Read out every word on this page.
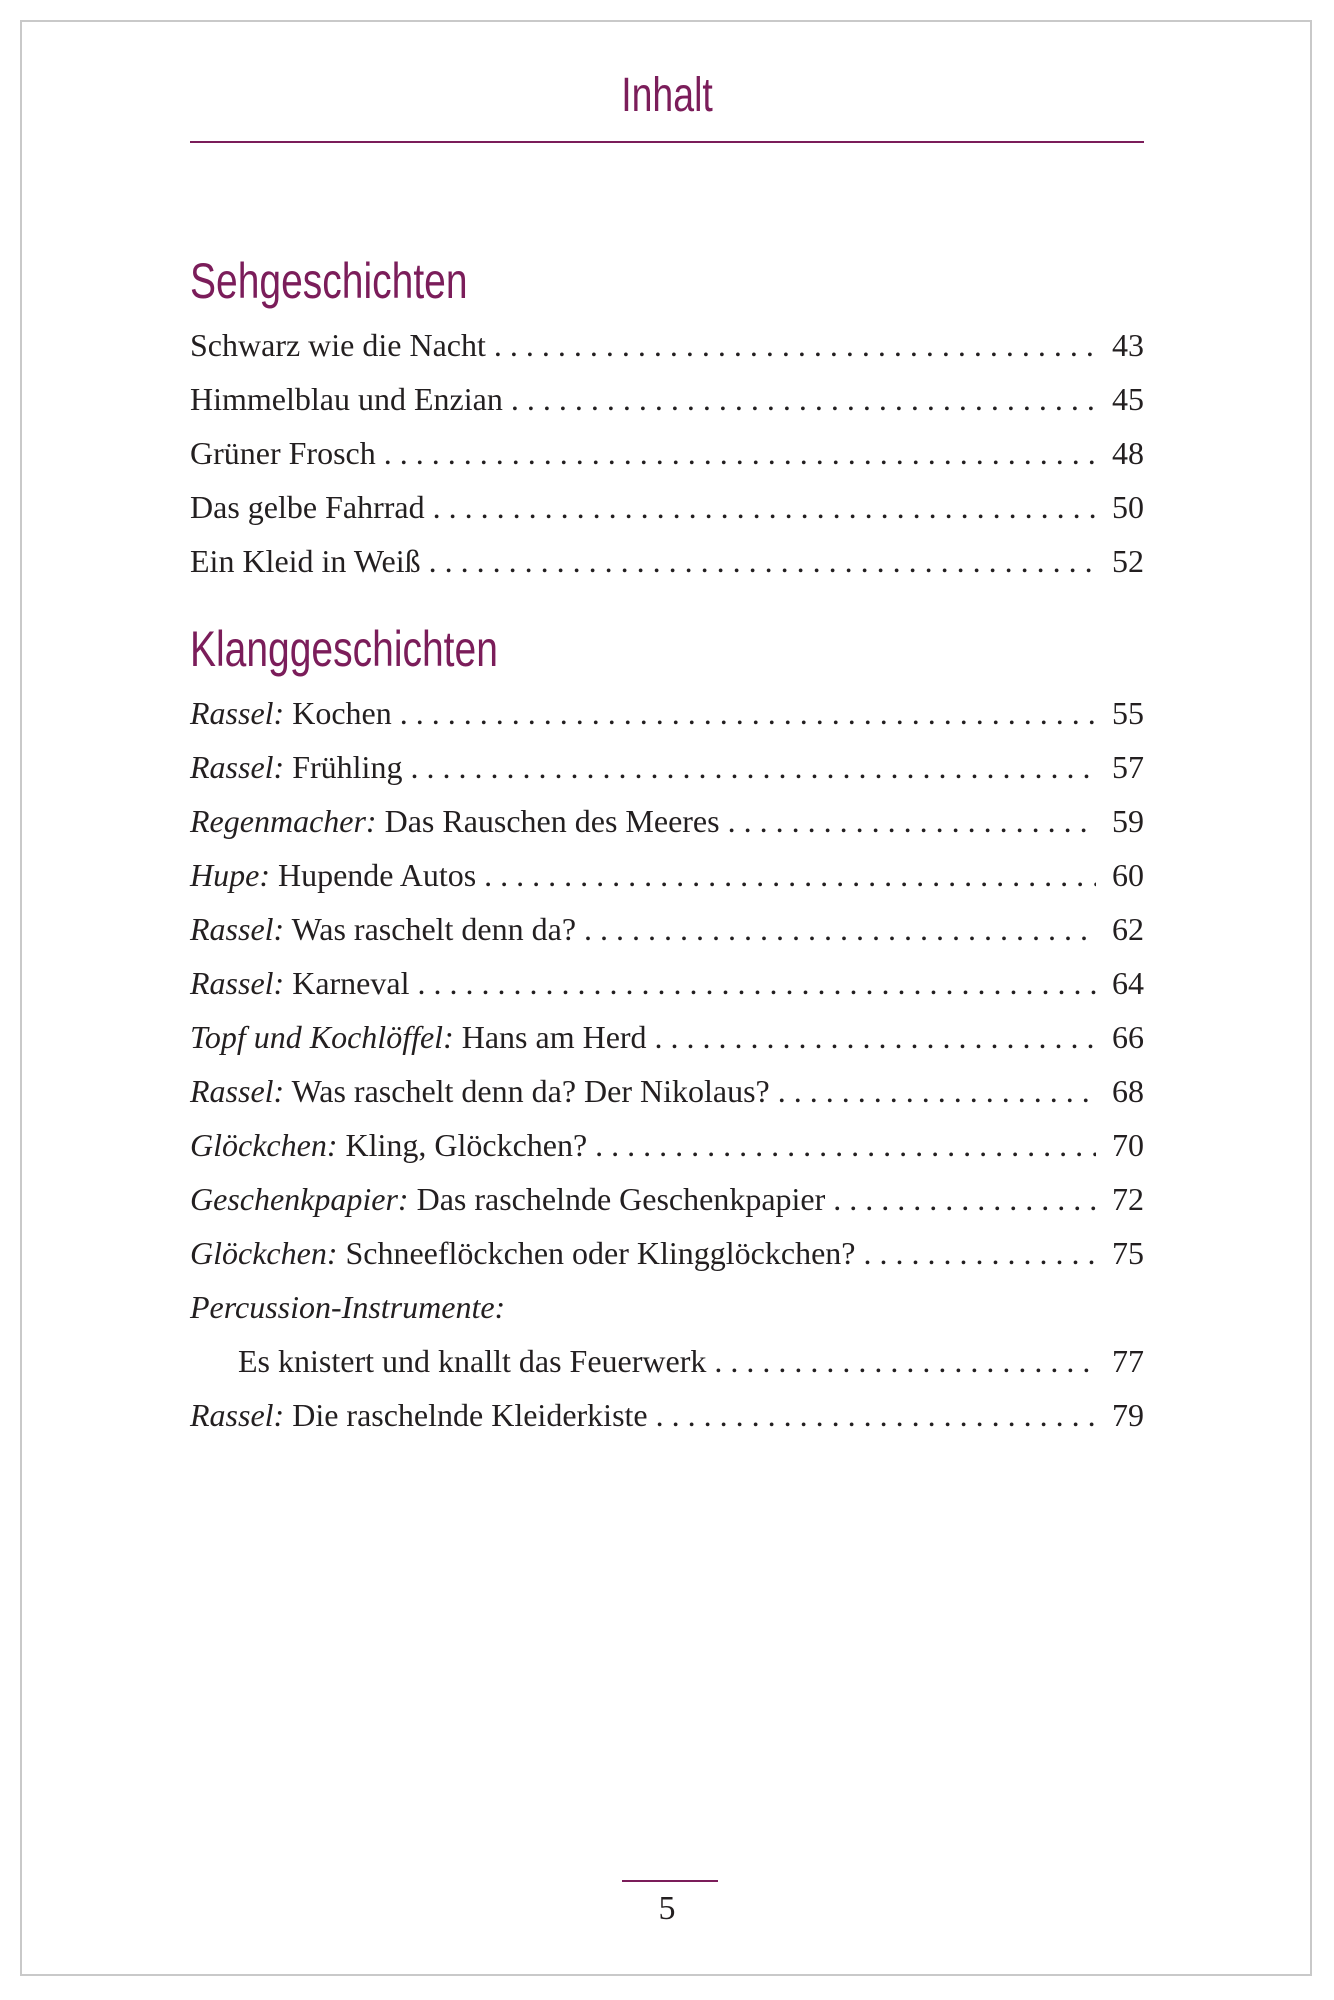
Inhalt
Sehgeschichten
Schwarz wie die Nacht . . .	43
Himmelblau und Enzian . . .	45
Grüner Frosch . . .	48
Das gelbe Fahrrad . . .	50
Ein Kleid in Weiß . . .	52
Klanggeschichten
Rassel: Kochen . . .	55
Rassel: Frühling . . .	57
Regenmacher: Das Rauschen des Meeres . . .	59
Hupe: Hupende Autos . . .	60
Rassel: Was raschelt denn da? . . .	62
Rassel: Karneval . . .	64
Topf und Kochlöffel: Hans am Herd . . .	66
Rassel: Was raschelt denn da? Der Nikolaus? . . .	68
Glöckchen: Kling, Glöckchen? . . .	70
Geschenkpapier: Das raschelnde Geschenkpapier . . .	72
Glöckchen: Schneeflöckchen oder Klingglöckchen? . . .	75
Percussion-Instrumente:
Es knistert und knallt das Feuerwerk . . .	77
Rassel: Die raschelnde Kleiderkiste . . .	79
5
